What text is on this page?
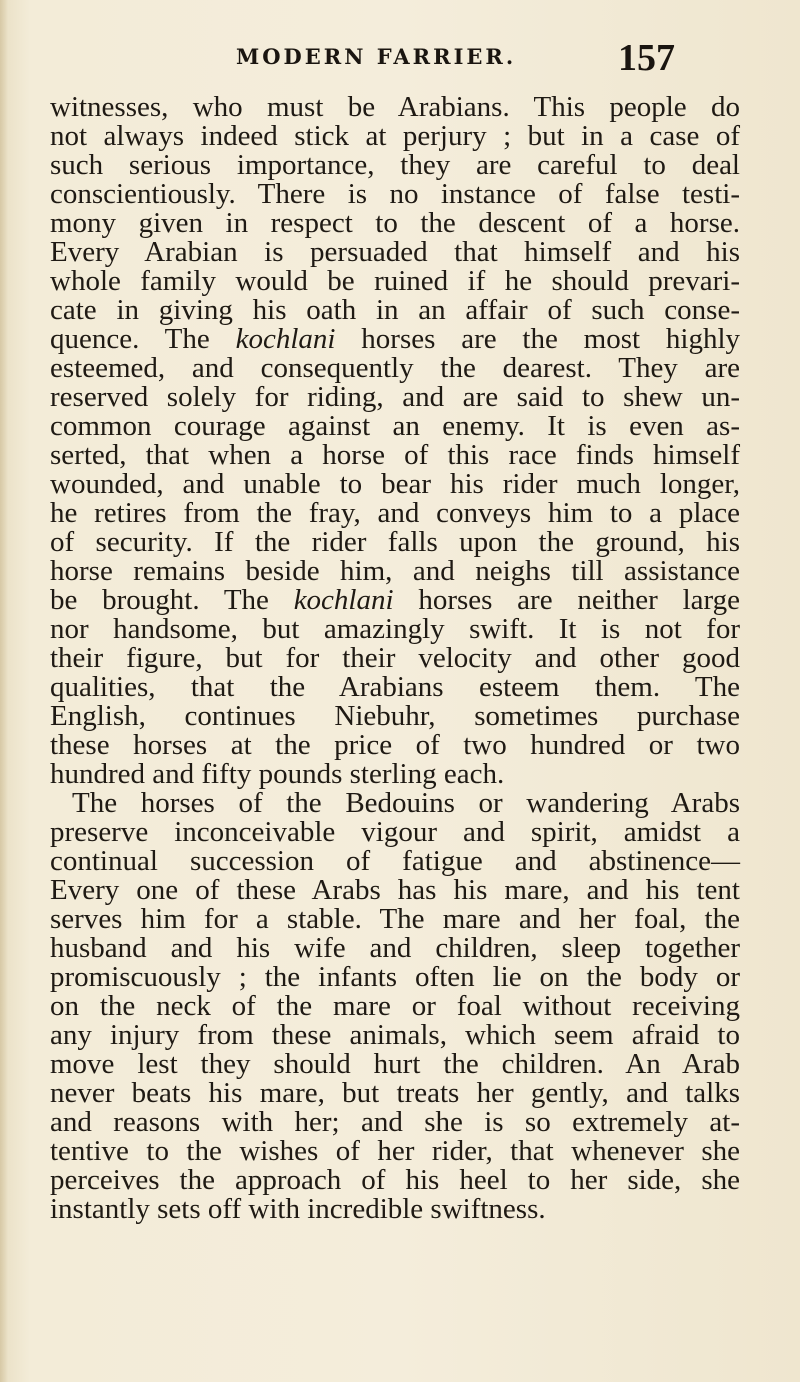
MODERN FARRIER.	157
witnesses, who must be Arabians. This people do
not always indeed stick at perjury ; but in a case of
such serious importance, they are careful to deal
conscientiously. There is no instance of false testi-
mony given in respect to the descent of a horse.
Every Arabian is persuaded that himself and his
whole family would be ruined if he should prevari-
cate in giving his oath in an affair of such conse-
quence. The kochlani horses are the most highly
esteemed, and consequently the dearest. They are
reserved solely for riding, and are said to shew un-
common courage against an enemy. It is even as-
serted, that when a horse of this race finds himself
wounded, and unable to bear his rider much longer,
he retires from the fray, and conveys him to a place
of security. If the rider falls upon the ground, his
horse remains beside him, and neighs till assistance
be brought. The kochlani horses are neither large
nor handsome, but amazingly swift. It is not for
their figure, but for their velocity and other good
qualities, that the Arabians esteem them. The
English, continues Niebuhr, sometimes purchase
these horses at the price of two hundred or two
hundred and fifty pounds sterling each.
The horses of the Bedouins or wandering Arabs
preserve inconceivable vigour and spirit, amidst a
continual succession of fatigue and abstinence—
Every one of these Arabs has his mare, and his tent
serves him for a stable. The mare and her foal, the
husband and his wife and children, sleep together
promiscuously ; the infants often lie on the body or
on the neck of the mare or foal without receiving
any injury from these animals, which seem afraid to
move lest they should hurt the children. An Arab
never beats his mare, but treats her gently, and talks
and reasons with her; and she is so extremely at-
tentive to the wishes of her rider, that whenever she
perceives the approach of his heel to her side, she
instantly sets off with incredible swiftness.
